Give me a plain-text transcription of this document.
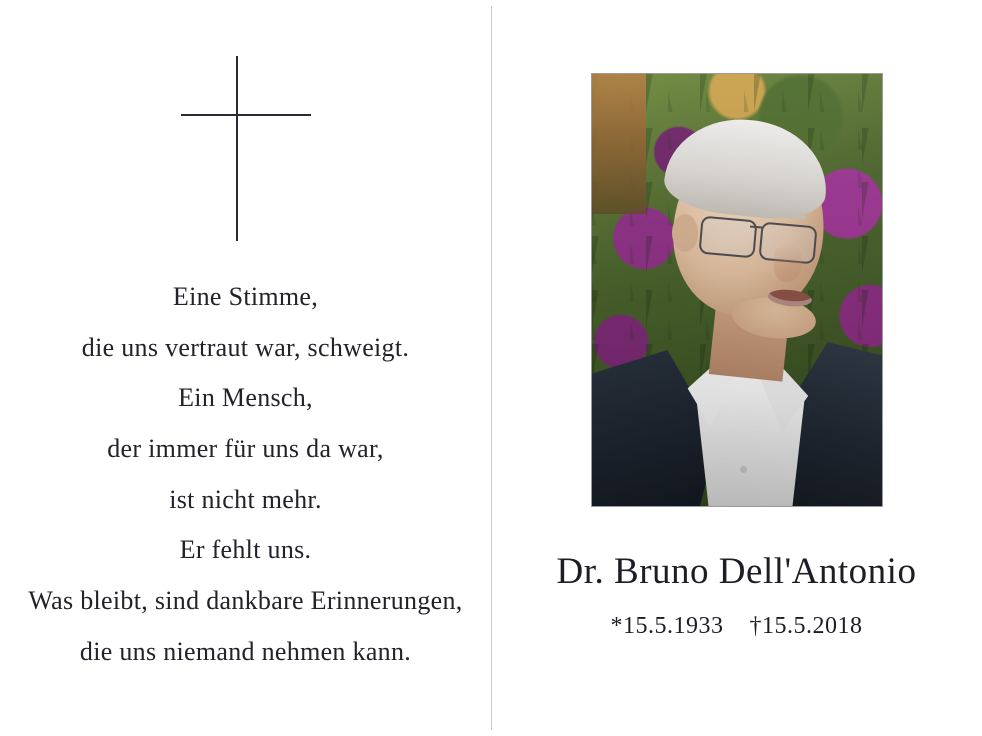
Eine Stimme,
die uns vertraut war, schweigt.
Ein Mensch,
der immer für uns da war,
ist nicht mehr.
Er fehlt uns.
Was bleibt, sind dankbare Erinnerungen,
die uns niemand nehmen kann.
Dr. Bruno Dell'Antonio
*15.5.1933 †15.5.2018
